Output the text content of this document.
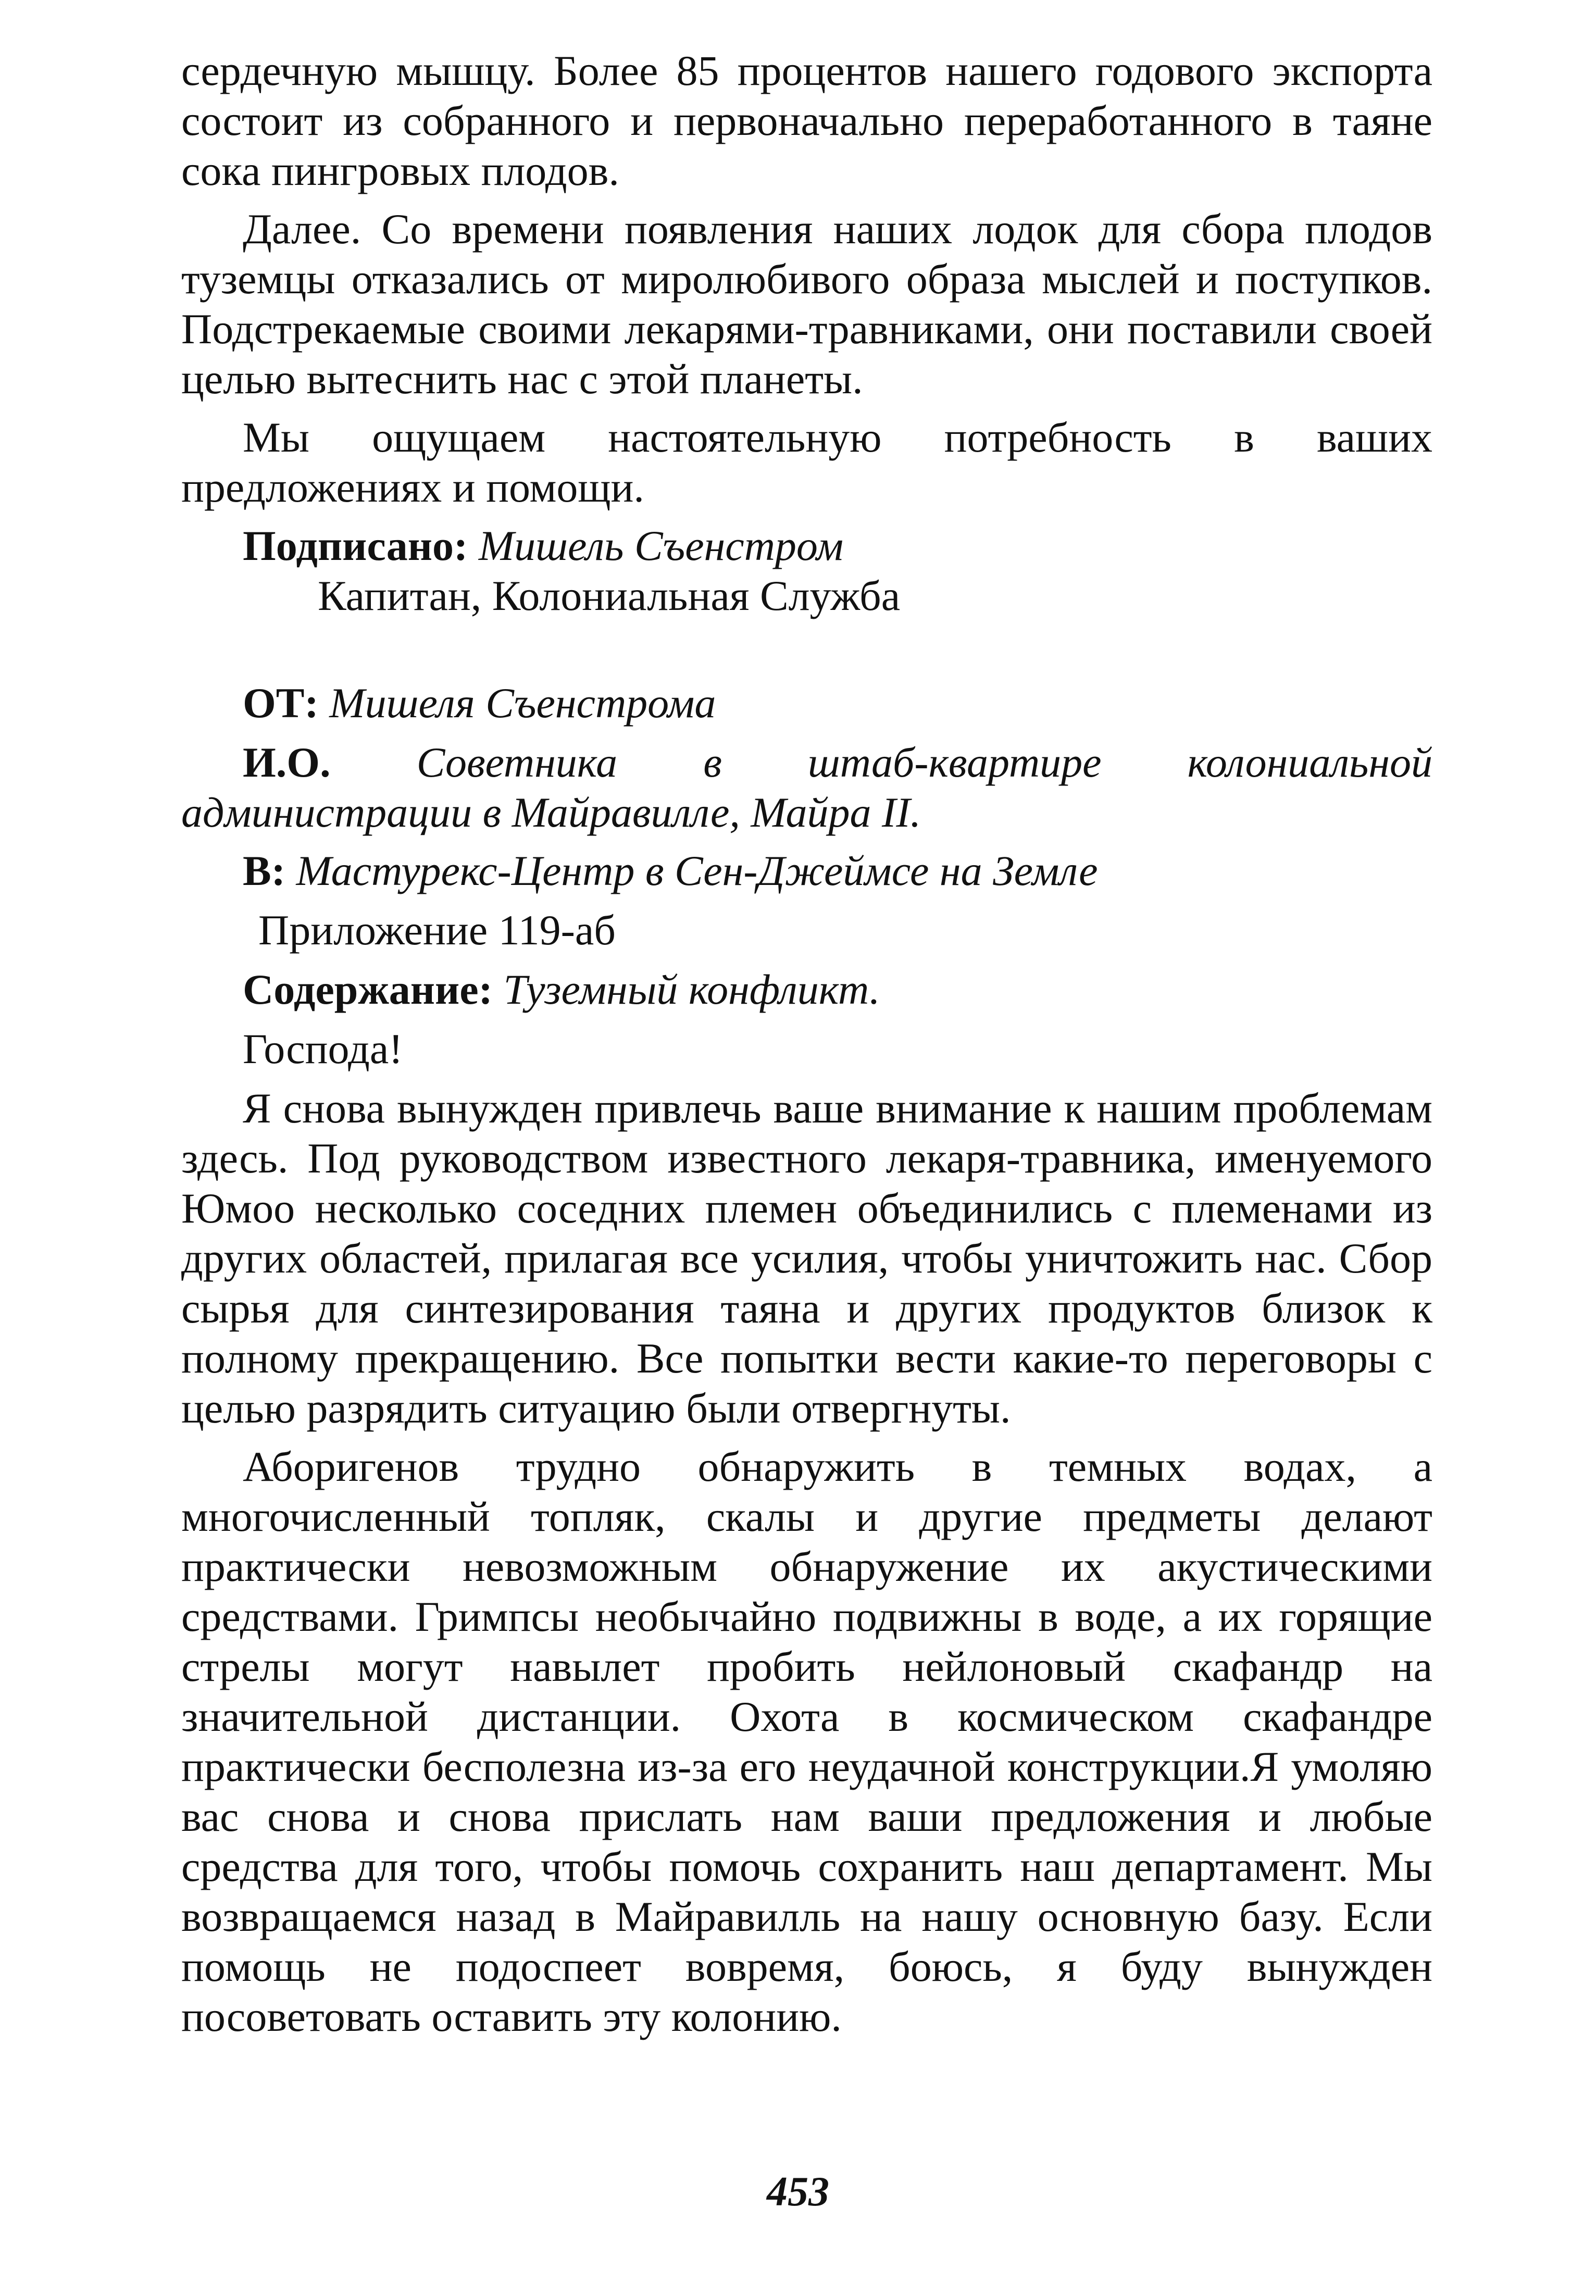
сердечную мышцу. Более 85 процентов нашего годового экспорта состоит из собранного и первоначально переработанного в таяне сока пингровых плодов.

Далее. Со времени появления наших лодок для сбора плодов туземцы отказались от миролюбивого образа мыслей и поступков. Подстрекаемые своими лекарями-травниками, они поставили своей целью вытеснить нас с этой планеты.

Мы ощущаем настоятельную потребность в ваших предложениях и помощи.

Подписано: Мишель Съенстром
Капитан, Колониальная Служба
ОТ: Мишеля Съенстрома

И.О. Советника в штаб-квартире колониальной администрации в Майравилле, Майра II.

В: Мастурекс-Центр в Сен-Джеймсе на Земле
Приложение 119-аб
Содержание: Туземный конфликт.
Господа!

Я снова вынужден привлечь ваше внимание к нашим проблемам здесь. Под руководством известного лекаря-травника, именуемого Юмоо несколько соседних племен объединились с племенами из других областей, прилагая все усилия, чтобы уничтожить нас. Сбор сырья для синтезирования таяна и других продуктов близок к полному прекращению. Все попытки вести какие-то переговоры с целью разрядить ситуацию были отвергнуты.

Аборигенов трудно обнаружить в темных водах, а многочисленный топляк, скалы и другие предметы делают практически невозможным обнаружение их акустическими средствами. Гримпсы необычайно подвижны в воде, а их горящие стрелы могут навылет пробить нейлоновый скафандр на значительной дистанции. Охота в космическом скафандре практически бесполезна из-за его неудачной конструкции.Я умоляю вас снова и снова прислать нам ваши предложения и любые средства для того, чтобы помочь сохранить наш департамент. Мы возвращаемся назад в Майравилль на нашу основную базу. Если помощь не подоспеет вовремя, боюсь, я буду вынужден посоветовать оставить эту колонию.

453
